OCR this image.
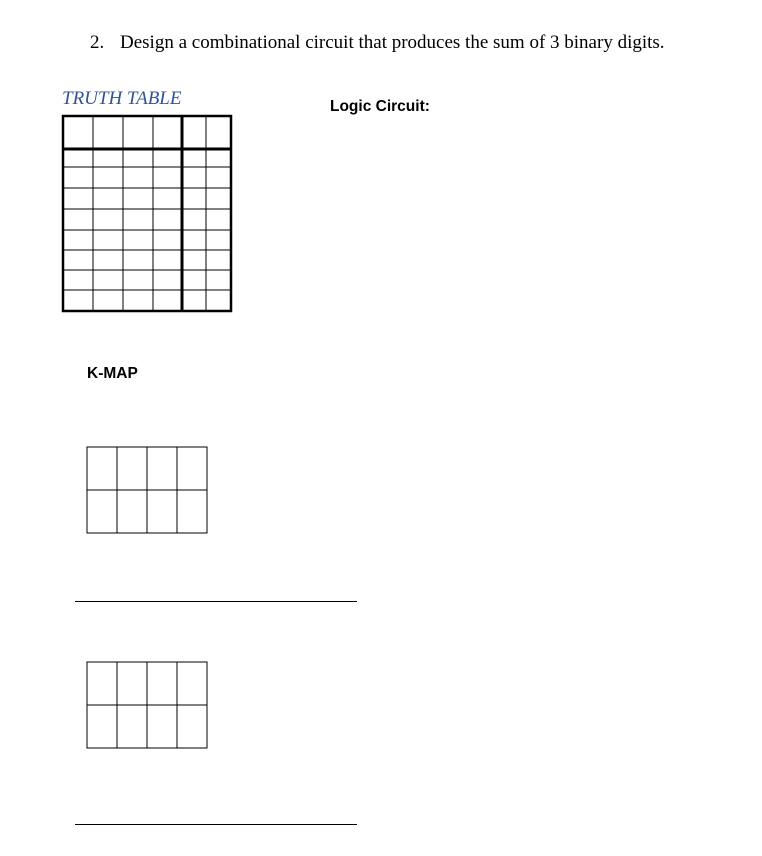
2. Design a combinational circuit that produces the sum of 3 binary digits.
TRUTH TABLE	Logic Circuit:
K-MAP
